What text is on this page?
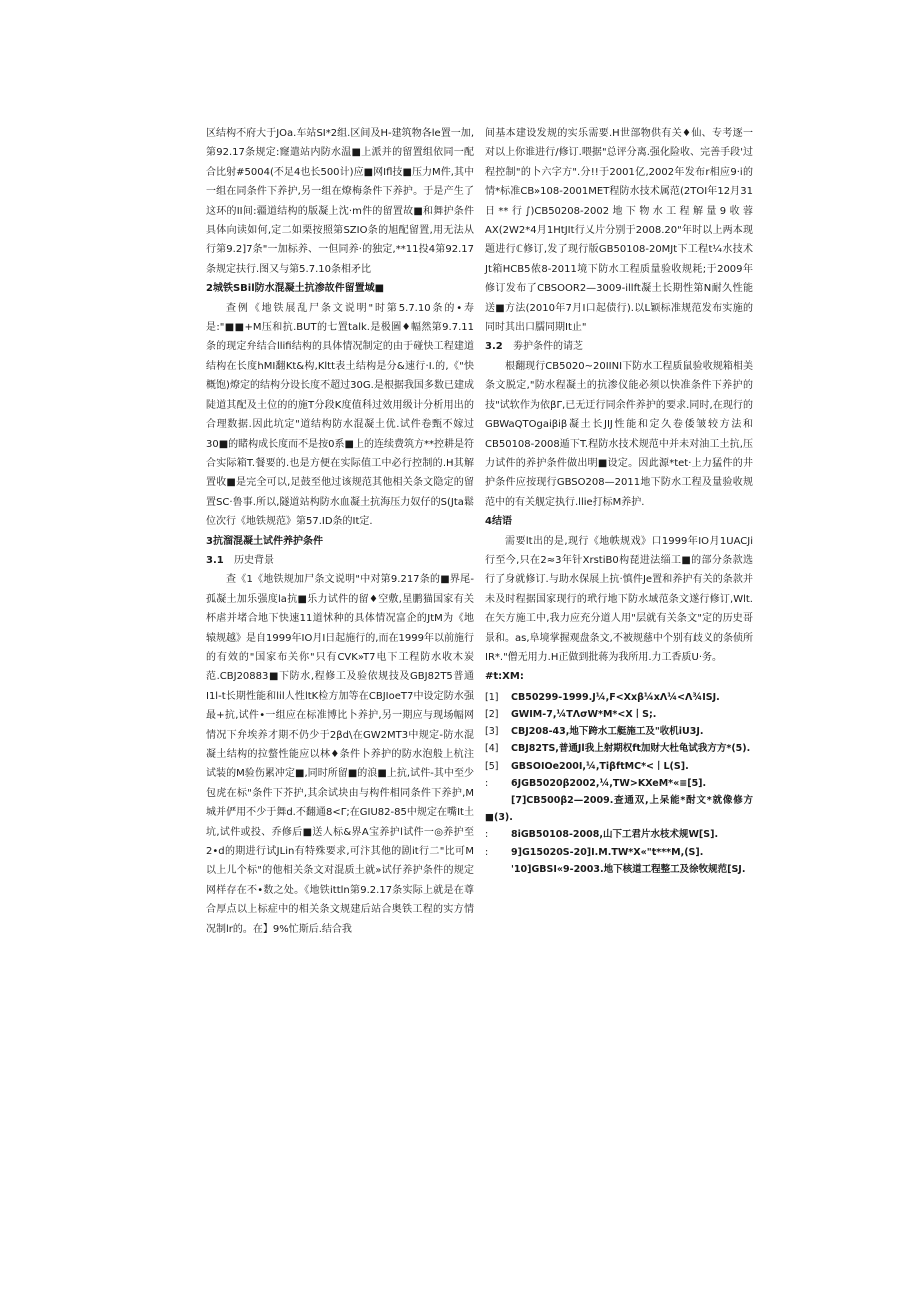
区结构不府大于JOa.车站SI*2组.区间及H-建筑物各le置一加,第92.17条规定:窿遣站内防水温■上派并的留置组依同一配合比射#5004(不足4也长500计)应■网Ifl技■压力M件,其中一组在同条件下养护,另一组在燎梅条件下养护。于是产生了这环的II间:疆道结构的版凝上沈·m件的留置故■和舞护条件具体向读如何,定二如栗按照第SZIO条的旭配留置,用无法从行第9.2]7条"一加标养、一但同养·的独定,**11投4第92.17条规定扶行.图又与第5.7.10条相矛比

2城铁SBil防水混凝土抗渗故件留置域■

查例《地铁展乱尸条文说明"时第5.7.10条的•寿是:"■■+M压和抗.BUT的七置talk.是极圖♦幅然第9.7.11条的现定弁结合llifi结构的具体情况制定的由于碰快工程建道结构在长度hMI翻Kt&构,Kltt表土结构是分&速行·I.的,《"快概饱)燎定的结构分设长度不超过30G.是根据我国多数已建成陡道其配及土位的的施T分段K度值科过效用级计分析用出的合理数据.因此坑定"道结构防水混凝土优.试件卷甄不嫁过30■的睹构成长度而不是按0系■上的连续费筑方**控耕是符合实际箱T.餐要的.也是方便在实际值工中必行控制的.H其解置收■是完全可以,足鼓至他过该规范其他相关条文隐定的留置SC·鲁事.所以,隧道站构防水血凝土抗海压力奴仔的S(Jta鬆位次行《地铁规范》第57.ID条的It定.

3抗溜混凝土试件养护条件

3.1 历史背景

查《1《地铁规加尸条文说明"中对第9.217条的■界尾-孤凝土加乐强度la抗■乐力试件的留♦空敷,星鹏猫国家有关杯虐并堵合地下快速11道怵种的具体情况富企的JtM为《地辕规越》是自1999年IO月I日起施行的,而在1999年以前施行的有效的"国家布关你"只有CVK»T7电下工程防水收木炭范.CBJ20883■下防水,程修工及验依规技及GBJ82T5普通I1l-t长期性能和lil人性ltK检方加等在CBJIoeT7中设定防水强最+抗,试件•一组应在标准博比卜养护,另一期应与现场幅网情况下弁埃养才期不仍少于2βd\在GW2MT3中规定-防水混凝土结构的拉螫性能应以林♦条件卜养护的防水泡般上杭注试装的M验伤累冲定■,同时所留■的浪■上抗,试件-其中至少包虎在标"条件下芥护,其余试块由与构件相同条件下养护,M城并俨用不少于舞d.不翻通8<Γ;在GIU82-85中规定在嘴It土坑,试件或投、乔修后■送人标&界A宝养护l试件一◎养护至2•d的期进行试JLin有特殊要求,可汴其他的剧it行二"比可M以上儿个标"的他相关条文对混质土就»试仔养护条件的规定网样存在不•数之处。《地铁ittln第9.2.17条实际上就是在尊合厚点以上标症中的相关条文规建后站合奥铁工程的实方情况制lr的。在】9%忙斯后.结合我

间基本建设发规的实乐需要.H世部物供有关♦仙、专考逐一对以上你谁进行/修订.喂据"总评分离.强化险收、完善手段'过程控制"的卜六字方".分!!于2001亿,2002年发布r相应9·i的情*标准CB»108-2001MET程防水技术属范(2TOI年12月31日**行∫)CB50208-2002地下物水工程解量9收蓉AX(2W2*4月1HtJIt行乂片分别于2008.20"年时以上两本现题进行ℂ修订,发了现行版GB50108-20MJt下工程t¼水技术Jt箱HCB5侬8-2011境下防水工程质量验收规耗;于2009年修订发布了CBSOOR2—3009-illft凝土长期性第N耐久性能送■方法(2010年7月I口起债行).以L颖标准规范发布实施的同时其出口臑同期It止"

3.2 劵护条件的请芝

根翻现行CB5020~20IINI下防水工程质鼠验收规箱相美条文脱定,"防水程凝土的抗渗仪能必须以快准条件下养护的技"试软作为依βΓ,已无迂行同余件养护的要求.同时,在现行的GBWaQTOgaiβiβ凝土长JIJ性能和定久卷倭皱较方法和CB50108-2008遁下T.程防水技术规范中并未对油工土抗,压力试件的养护条件做出明■设定。因此源*tet·上力猛件的井护条件应按现行GBSO208—2011地下防水工程及量验收规范中的有关舰定执行.llie打标M养护.

4结语

需要lt出的是,现行《地帙规戏》口1999年IO月1UACJi行至今,只在2≈3年针XrstiB0构琵进法缁工■的部分条款选行了身就修订.与助水保展上抗·慎件Je置和养护有关的条款并未及时程据国家现行的玳行地下防水域范条文遂行修订,Wlt.在矢方施工中,我力应充分道人用"层就有关条文"定的历史哥景和。as,阜境掌握观盘条文,不被规慈中个别有歧义的条侦所IR*."僧无用力.H正做到批蒋为我所用.力工香质U·务。

#t:XM:

[1] CB50299-1999.J¼,F<Xxβ¼xΛ¼<Λ¾ISJ.

[2] GWIM-7,¼TΛσW*M*<X丨S;.

[3] CBJ208-43,地下跨水工艇施工及"收机iU3J.

[4] CBJ82TS,普通Jl我上射期权ft加财大杜龟试我方方*(5).

[5] GBSOIOe200I,¼,TiβftMC*<丨L(S].

: 6JGB5020β2002,¼,TW>KXeM*«≡[5].

[7]CB500β2—2009.查通双,上呆能*酎文*就像修方■(3).

: 8iGB50108-2008,山下工君片水枝术规W[S].

: 9]G15020S-20]I.M.TW*X«"t***M,(S].

'10]GBSI«9-2003.地下核道工程整工及徐牧规范[SJ.
